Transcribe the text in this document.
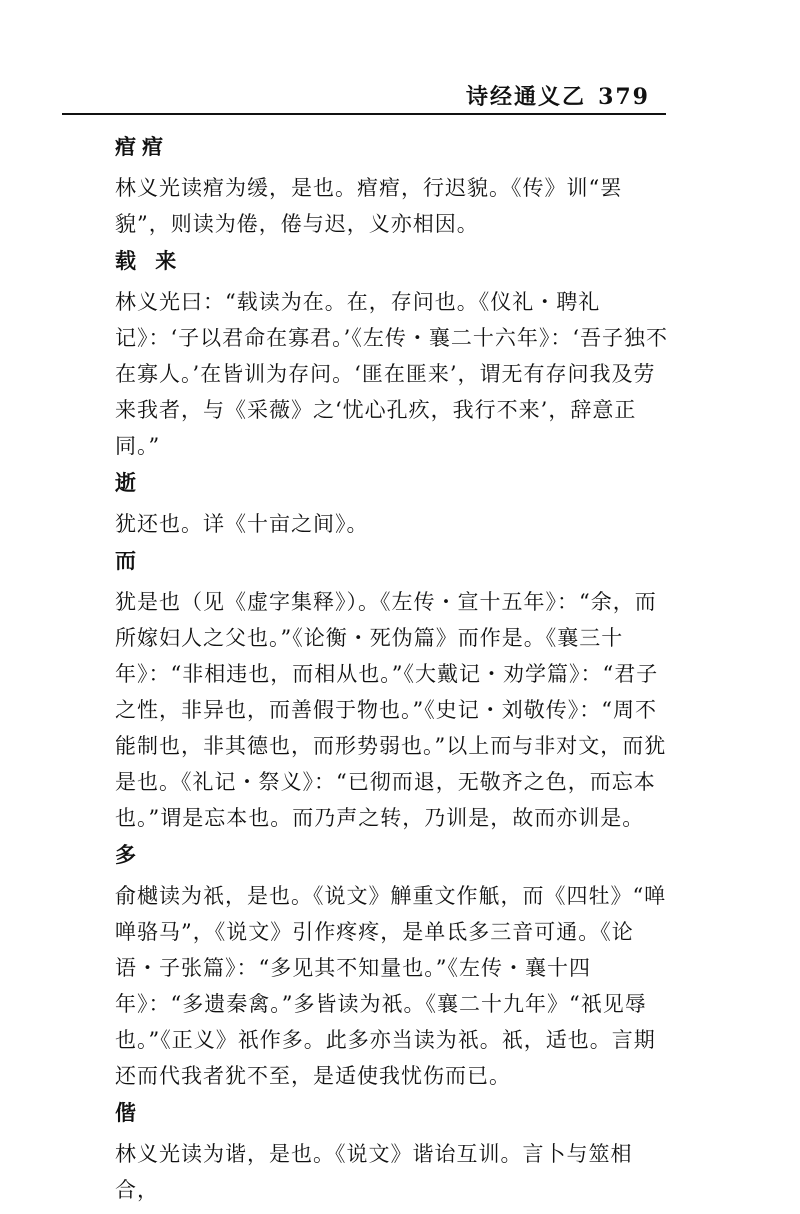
诗经通义乙 379
痯痯

林义光读痯为缓，是也。痯痯，行迟貌。《传》训“罢貌”，则读为倦，倦与迟，义亦相因。

载 来

林义光曰：“载读为在。在，存问也。《仪礼・聘礼记》：‘子以君命在寡君。’《左传・襄二十六年》：‘吾子独不在寡人。’在皆训为存问。‘匪在匪来’，谓无有存问我及劳来我者，与《采薇》之‘忧心孔疚，我行不来’，辞意正同。”

逝

犹还也。详《十亩之间》。

而

犹是也（见《虚字集释》）。《左传・宣十五年》：“余，而所嫁妇人之父也。”《论衡・死伪篇》而作是。《襄三十年》：“非相违也，而相从也。”《大戴记・劝学篇》：“君子之性，非异也，而善假于物也。”《史记・刘敬传》：“周不能制也，非其德也，而形势弱也。”以上而与非对文，而犹是也。《礼记・祭义》：“已彻而退，无敬齐之色，而忘本也。”谓是忘本也。而乃声之转，乃训是，故而亦训是。

多

俞樾读为祇，是也。《说文》觯重文作觗，而《四牡》“啴啴骆马”，《说文》引作疼疼，是单氐多三音可通。《论语・子张篇》：“多见其不知量也。”《左传・襄十四年》：“多遗秦禽。”多皆读为祇。《襄二十九年》“祇见辱也。”《正义》祇作多。此多亦当读为祇。祇，适也。言期还而代我者犹不至，是适使我忧伤而已。

偕

林义光读为谐，是也。《说文》谐诒互训。言卜与筮相合，
